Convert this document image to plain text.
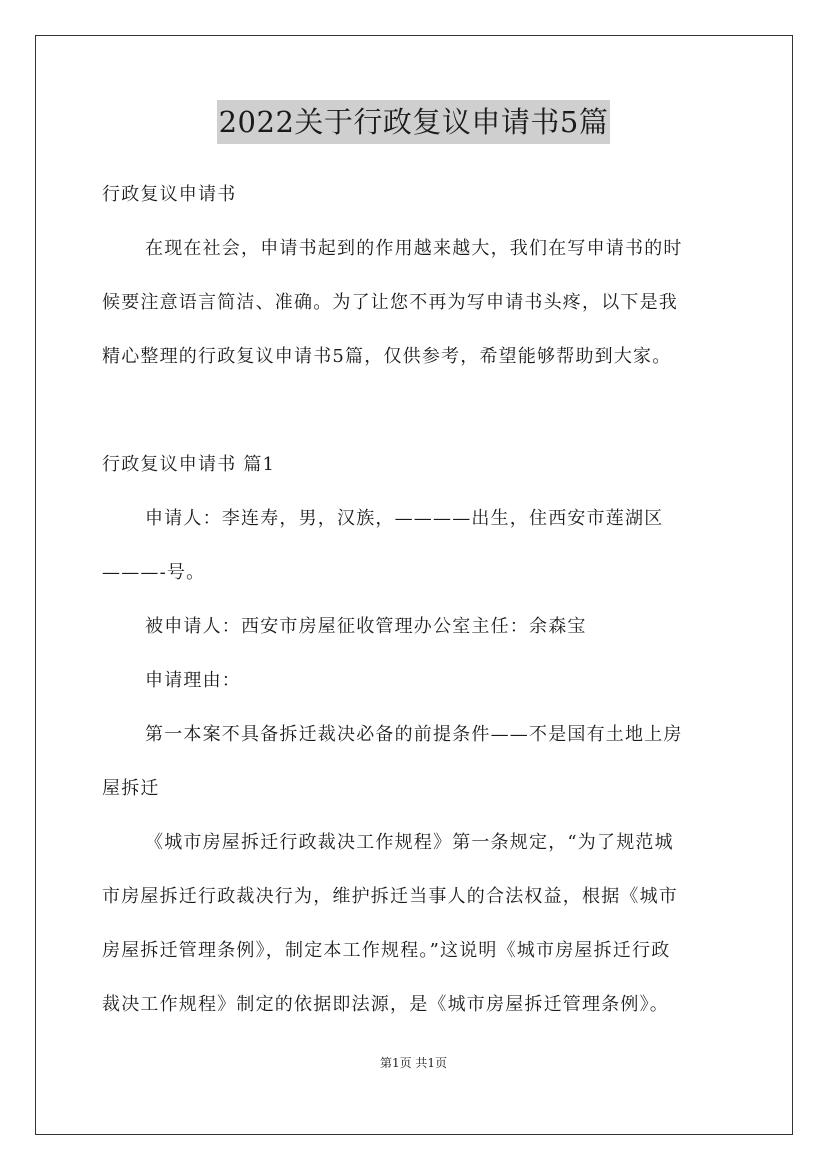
2022关于行政复议申请书5篇
行政复议申请书
在现在社会，申请书起到的作用越来越大，我们在写申请书的时
候要注意语言简洁、准确。为了让您不再为写申请书头疼，以下是我
精心整理的行政复议申请书5篇，仅供参考，希望能够帮助到大家。
行政复议申请书 篇1
申请人：李连寿，男，汉族，————出生，住西安市莲湖区
———-号。
被申请人：西安市房屋征收管理办公室主任：余森宝
申请理由：
第一本案不具备拆迁裁决必备的前提条件——不是国有土地上房
屋拆迁
《城市房屋拆迁行政裁决工作规程》第一条规定，“为了规范城
市房屋拆迁行政裁决行为，维护拆迁当事人的合法权益，根据《城市
房屋拆迁管理条例》，制定本工作规程。”这说明《城市房屋拆迁行政
裁决工作规程》制定的依据即法源，是《城市房屋拆迁管理条例》。
第1页 共1页
